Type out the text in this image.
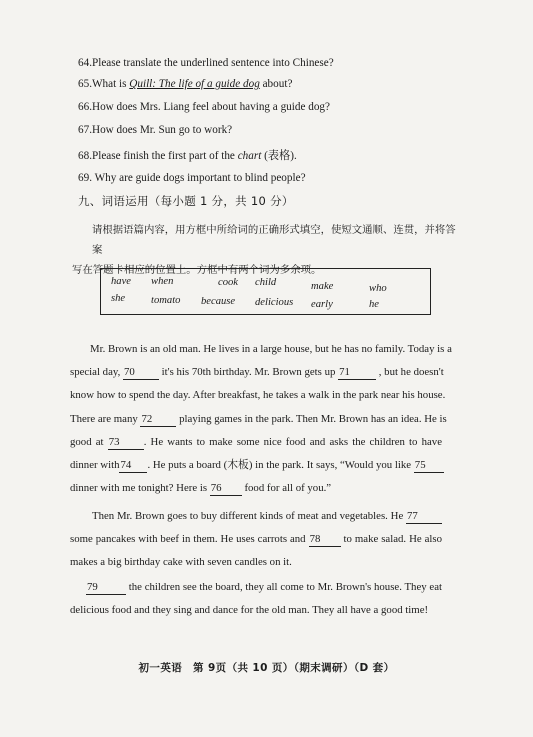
64.Please translate the underlined sentence into Chinese?
65.What is Quill: The life of a guide dog about?
66.How does Mrs. Liang feel about having a guide dog?
67.How does Mr. Sun go to work?
68.Please finish the first part of the chart (表格).
69. Why are guide dogs important to blind people?
九、词语运用（每小题 1 分，共 10 分）
请根据语篇内容，用方框中所给词的正确形式填空，使短文通顺、连贯，并将答案
写在答题卡相应的位置上。方框中有两个词为多余项。
have when	cook child	make	who
she tomato because delicious early	he
Mr. Brown is an old man. He lives in a large house, but he has no family. Today is a
special day, 70 it's his 70th birthday. Mr. Brown gets up 71	, but he doesn't
know how to spend the day. After breakfast, he takes a walk in the park near his house.
There are many 72 playing games in the park. Then Mr. Brown has an idea. He is
good at 73 . He wants to make some nice food and asks the children to have
dinner with74 . He puts a board (木板) in the park. It says, “Would you like 75
dinner with me tonight? Here is 76 food for all of you.”
Then Mr. Brown goes to buy different kinds of meat and vegetables. He 77
some pancakes with beef in them. He uses carrots and 78 to make salad. He also
makes a big birthday cake with seven candles on it.
79	the children see the board, they all come to Mr. Brown's house. They eat
delicious food and they sing and dance for the old man. They all have a good time!
初一英语　第 9页（共 10 页）（期末调研）（D 套）
